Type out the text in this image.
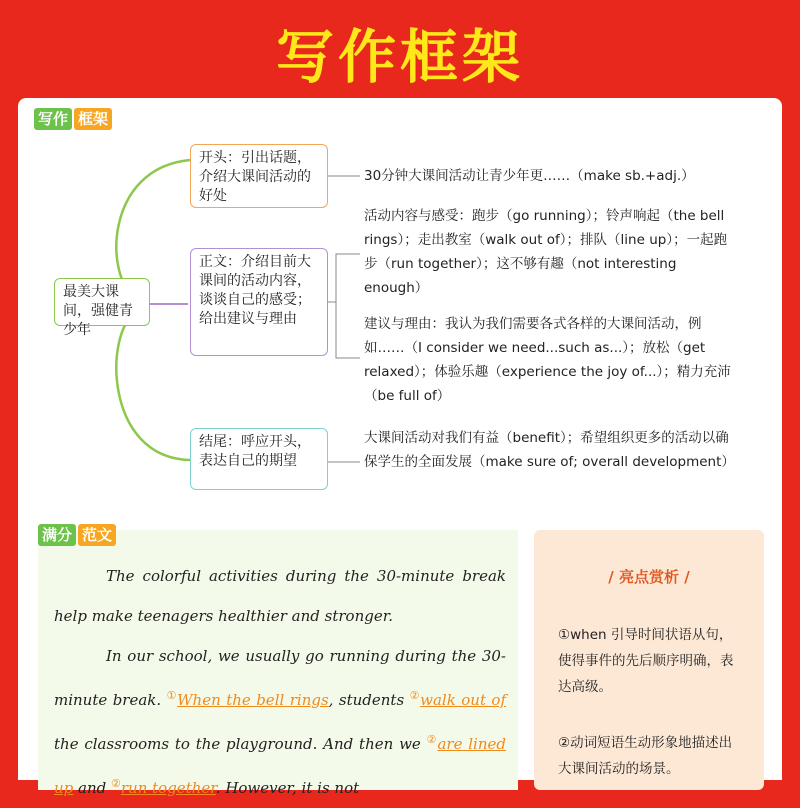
写作框架
写作 框架
最美大课间，强健青少年
开头：引出话题，介绍大课间活动的好处
正文：介绍目前大课间的活动内容，谈谈自己的感受；给出建议与理由
结尾：呼应开头，表达自己的期望
30分钟大课间活动让青少年更……（make sb.+adj.）
活动内容与感受：跑步（go running）；铃声响起（the bell rings）；走出教室（walk out of）；排队（line up）；一起跑步（run together）；这不够有趣（not interesting enough）
建议与理由：我认为我们需要各式各样的大课间活动，例如……（I consider we need...such as...）；放松（get relaxed）；体验乐趣（experience the joy of...）；精力充沛（be full of）
大课间活动对我们有益（benefit）；希望组织更多的活动以确保学生的全面发展（make sure of; overall development）
满分 范文

The colorful activities during the 30-minute break help make teenagers healthier and stronger.

In our school, we usually go running during the 30-minute break. ①When the bell rings, students ②walk out of the classrooms to the playground. And then we ②are lined up and ②run together. However, it is not

/ 亮点赏析 /
①when 引导时间状语从句，使得事件的先后顺序明确，表达高级。
②动词短语生动形象地描述出大课间活动的场景。
